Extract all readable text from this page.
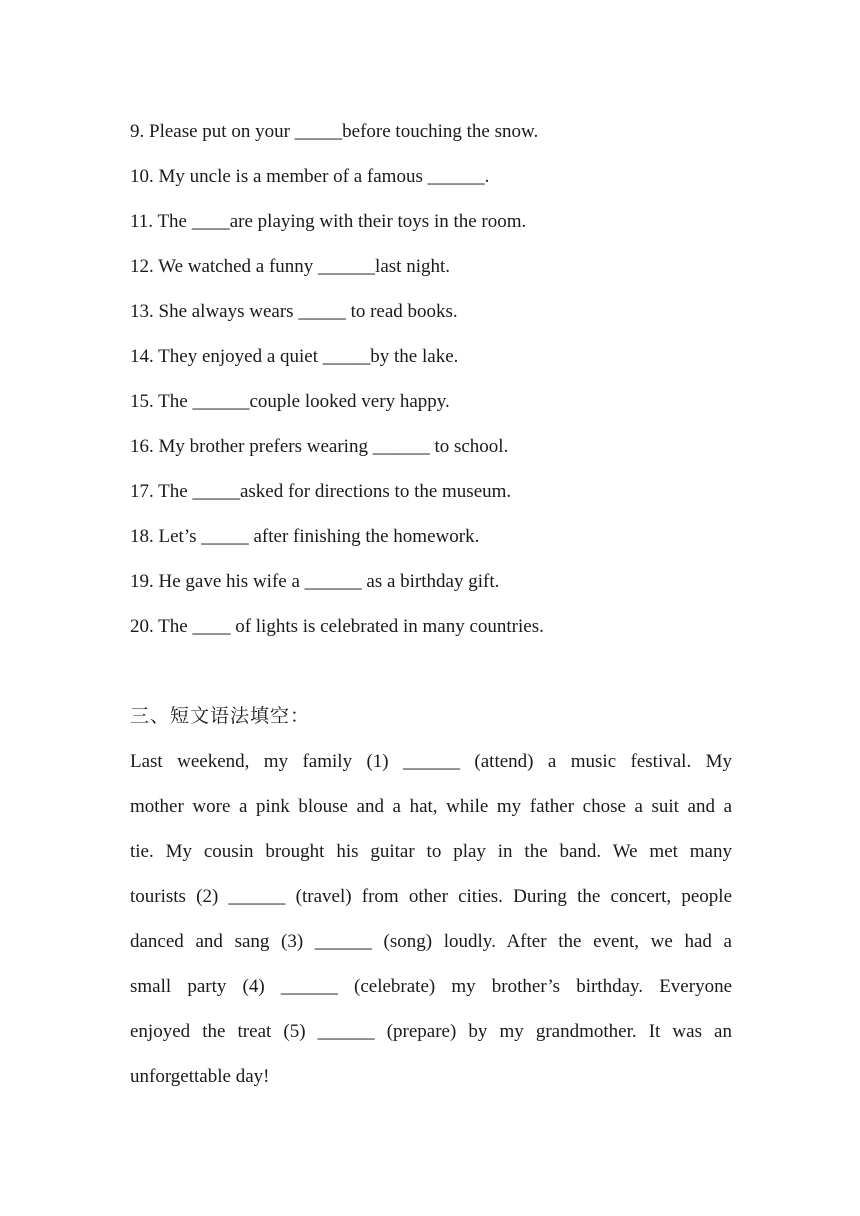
9. Please put on your _____before touching the snow.
10. My uncle is a member of a famous ______.
11. The ____are playing with their toys in the room.
12. We watched a funny ______last night.
13. She always wears _____ to read books.
14. They enjoyed a quiet _____by the lake.
15. The ______couple looked very happy.
16. My brother prefers wearing ______ to school.
17. The _____asked for directions to the museum.
18. Let’s _____ after finishing the homework.
19. He gave his wife a ______ as a birthday gift.
20. The ____ of lights is celebrated in many countries.
三、短文语法填空：
Last weekend, my family (1) ______ (attend) a music festival. My
mother wore a pink blouse and a hat, while my father chose a suit and a
tie. My cousin brought his guitar to play in the band. We met many
tourists (2) ______ (travel) from other cities. During the concert, people
danced and sang (3) ______ (song) loudly. After the event, we had a
small party (4) ______ (celebrate) my brother’s birthday. Everyone
enjoyed the treat (5) ______ (prepare) by my grandmother. It was an
unforgettable day!
